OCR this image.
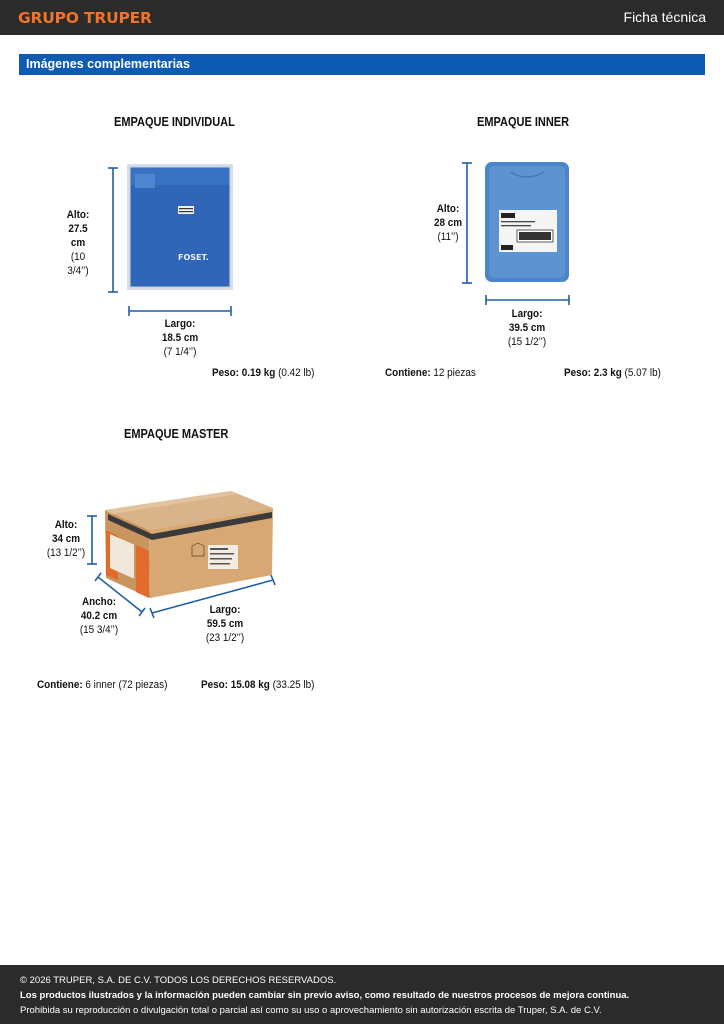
GRUPO TRUPER	Ficha técnica
Imágenes complementarias
EMPAQUE INDIVIDUAL
FOSET.
Alto:
27.5 cm
(10 3/4’’)
Largo:
18.5 cm
(7 1/4’’)
Peso: 0.19 kg (0.42 lb)
EMPAQUE INNER
Alto:
28 cm
(11’’)
Largo:
39.5 cm
(15 1/2’’)
Contiene: 12 piezas	Peso: 2.3 kg (5.07 lb)
EMPAQUE MASTER
Alto:
34 cm
(13 1/2’’)
Ancho:
40.2 cm
(15 3/4’’)
Largo:
59.5 cm
(23 1/2’’)
Contiene: 6 inner (72 piezas)	Peso: 15.08 kg (33.25 lb)

© 2026 TRUPER, S.A. DE C.V. TODOS LOS DERECHOS RESERVADOS.

Los productos ilustrados y la información pueden cambiar sin previo aviso, como resultado de nuestros procesos de mejora continua.

Prohibida su reproducción o divulgación total o parcial así como su uso o aprovechamiento sin autorización escrita de Truper, S.A. de C.V.
